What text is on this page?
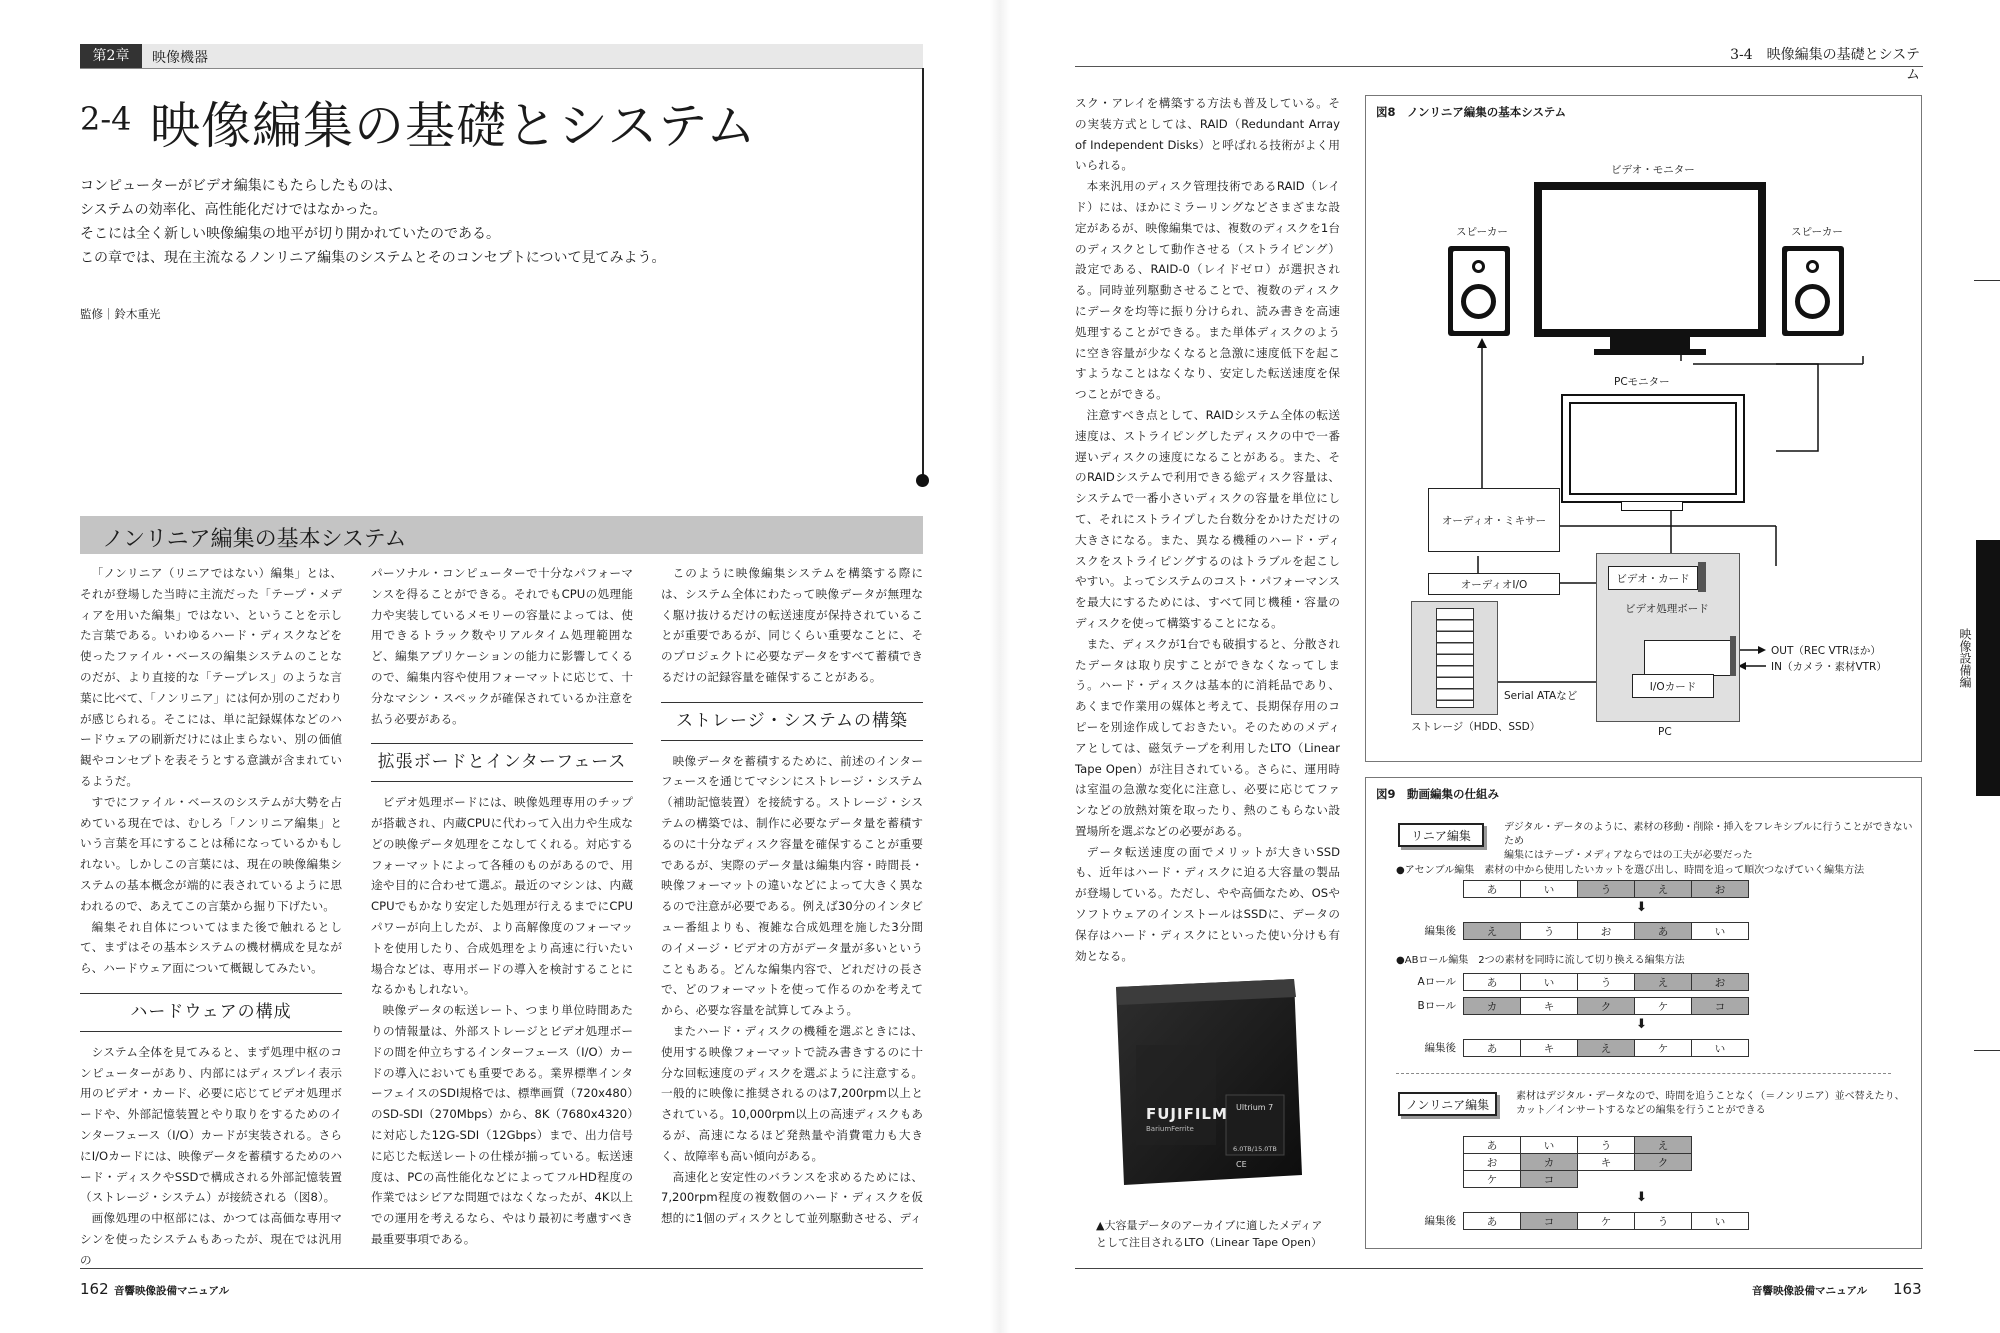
第2章	映像機器
2-4 映像編集の基礎とシステム
コンピューターがビデオ編集にもたらしたものは、
システムの効率化、高性能化だけではなかった。
そこには全く新しい映像編集の地平が切り開かれていたのである。
この章では、現在主流なるノンリニア編集のシステムとそのコンセプトについて見てみよう。
監修｜鈴木重光
ノンリニア編集の基本システム

「ノンリニア（リニアではない）編集」とは、それが登場した当時に主流だった「テープ・メディアを用いた編集」ではない、ということを示した言葉である。いわゆるハード・ディスクなどを使ったファイル・ベースの編集システムのことなのだが、より直接的な「テープレス」のような言葉に比べて、「ノンリニア」には何か別のこだわりが感じられる。そこには、単に記録媒体などのハードウェアの刷新だけには止まらない、別の価値観やコンセプトを表そうとする意識が含まれているようだ。

すでにファイル・ベースのシステムが大勢を占めている現在では、むしろ「ノンリニア編集」という言葉を耳にすることは稀になっているかもしれない。しかしこの言葉には、現在の映像編集システムの基本概念が端的に表されているように思われるので、あえてこの言葉から掘り下げたい。

編集それ自体についてはまた後で触れるとして、まずはその基本システムの機材構成を見ながら、ハードウェア面について概観してみたい。

ハードウェアの構成

システム全体を見てみると、まず処理中枢のコンピューターがあり、内部にはディスプレイ表示用のビデオ・カード、必要に応じてビデオ処理ボードや、外部記憶装置とやり取りをするためのインターフェース（I/O）カードが実装される。さらにI/Oカードには、映像データを蓄積するためのハード・ディスクやSSDで構成される外部記憶装置（ストレージ・システム）が接続される（図8）。

画像処理の中枢部には、かつては高価な専用マシンを使ったシステムもあったが、現在では汎用の

パーソナル・コンピューターで十分なパフォーマンスを得ることができる。それでもCPUの処理能力や実装しているメモリーの容量によっては、使用できるトラック数やリアルタイム処理範囲など、編集アプリケーションの能力に影響してくるので、編集内容や使用フォーマットに応じて、十分なマシン・スペックが確保されているか注意を払う必要がある。

拡張ボードとインターフェース

ビデオ処理ボードには、映像処理専用のチップが搭載され、内蔵CPUに代わって入出力や生成などの映像データ処理をこなしてくれる。対応するフォーマットによって各種のものがあるので、用途や目的に合わせて選ぶ。最近のマシンは、内蔵CPUでもかなり安定した処理が行えるまでにCPUパワーが向上したが、より高解像度のフォーマットを使用したり、合成処理をより高速に行いたい場合などは、専用ボードの導入を検討することになるかもしれない。

映像データの転送レート、つまり単位時間あたりの情報量は、外部ストレージとビデオ処理ボードの間を仲立ちするインターフェース（I/O）カードの導入においても重要である。業界標準インターフェイスのSDI規格では、標準画質（720x480）のSD-SDI（270Mbps）から、8K（7680x4320）に対応した12G-SDI（12Gbps）まで、出力信号に応じた転送レートの仕様が揃っている。転送速度は、PCの高性能化などによってフルHD程度の作業ではシビアな問題ではなくなったが、4K以上での運用を考えるなら、やはり最初に考慮すべき最重要事項である。

このように映像編集システムを構築する際には、システム全体にわたって映像データが無理なく駆け抜けるだけの転送速度が保持されていることが重要であるが、同じくらい重要なことに、そのプロジェクトに必要なデータをすべて蓄積できるだけの記録容量を確保することがある。

ストレージ・システムの構築

映像データを蓄積するために、前述のインターフェースを通じてマシンにストレージ・システム（補助記憶装置）を接続する。ストレージ・システムの構築では、制作に必要なデータ量を蓄積するのに十分なディスク容量を確保することが重要であるが、実際のデータ量は編集内容・時間長・映像フォーマットの違いなどによって大きく異なるので注意が必要である。例えば30分のインタビュー番組よりも、複雑な合成処理を施した3分間のイメージ・ビデオの方がデータ量が多いということもある。どんな編集内容で、どれだけの長さで、どのフォーマットを使って作るのかを考えてから、必要な容量を試算してみよう。

またハード・ディスクの機種を選ぶときには、使用する映像フォーマットで読み書きするのに十分な回転速度のディスクを選ぶように注意する。一般的に映像に推奨されるのは7,200rpm以上とされている。10,000rpm以上の高速ディスクもあるが、高速になるほど発熱量や消費電力も大きく、故障率も高い傾向がある。

高速化と安定性のバランスを求めるためには、7,200rpm程度の複数個のハード・ディスクを仮想的に1個のディスクとして並列駆動させる、ディ

162 音響映像設備マニュアル
3-4　映像編集の基礎とシステム

スク・アレイを構築する方法も普及している。その実装方式としては、RAID（Redundant Array of Independent Disks）と呼ばれる技術がよく用いられる。

本来汎用のディスク管理技術であるRAID（レイド）には、ほかにミラーリングなどさまざまな設定があるが、映像編集では、複数のディスクを1台のディスクとして動作させる（ストライピング）設定である、RAID-0（レイドゼロ）が選択される。同時並列駆動させることで、複数のディスクにデータを均等に振り分けられ、読み書きを高速処理することができる。また単体ディスクのように空き容量が少なくなると急激に速度低下を起こすようなことはなくなり、安定した転送速度を保つことができる。

注意すべき点として、RAIDシステム全体の転送速度は、ストライピングしたディスクの中で一番遅いディスクの速度になることがある。また、そのRAIDシステムで利用できる総ディスク容量は、システムで一番小さいディスクの容量を単位にして、それにストライプした台数分をかけただけの大きさになる。また、異なる機種のハード・ディスクをストライピングするのはトラブルを起こしやすい。よってシステムのコスト・パフォーマンスを最大にするためには、すべて同じ機種・容量のディスクを使って構築することになる。

また、ディスクが1台でも破損すると、分散されたデータは取り戻すことができなくなってしまう。ハード・ディスクは基本的に消耗品であり、あくまで作業用の媒体と考えて、長期保存用のコピーを別途作成しておきたい。そのためのメディアとしては、磁気テープを利用したLTO（Linear Tape Open）が注目されている。さらに、運用時は室温の急激な変化に注意し、必要に応じてファンなどの放熱対策を取ったり、熱のこもらない設置場所を選ぶなどの必要がある。

データ転送速度の面でメリットが大きいSSDも、近年はハード・ディスクに迫る大容量の製品が登場している。ただし、やや高価なため、OSやソフトウェアのインストールはSSDに、データの保存はハード・ディスクにといった使い分けも有効となる。

FUJIFILM
BariumFerrite
Ultrium 7
6.0TB/15.0TB
CE
▲大容量データのアーカイブに適したメディア
として注目されるLTO（Linear Tape Open）
図8　ノンリニア編集の基本システム
ビデオ・モニター
スピーカー	スピーカー
PCモニター
オーディオ・ミキサー
オーディオI/O	ビデオ・カード
ビデオ処理ボード
I/Oカード
PC
OUT（REC VTRほか）
IN（カメラ・素材VTR）
Serial ATAなど
ストレージ（HDD、SSD）
図9　動画編集の仕組み
リニア編集
デジタル・データのように、素材の移動・削除・挿入をフレキシブルに行うことができないため
編集にはテープ・メディアならではの工夫が必要だった
●アセンブル編集　素材の中から使用したいカットを選び出し、時間を追って順次つなげていく編集方法
あ	い	う	え	お
⬇
編集後	え	う	お	あ	い
●ABロール編集　2つの素材を同時に流して切り換える編集方法
Aロール	あ	い	う	え	お
Bロール	カ	キ	ク	ケ	コ
⬇
編集後	あ	キ	え	ケ	い
ノンリニア編集
素材はデジタル・データなので、時間を追うことなく（＝ノンリニア）並べ替えたり、
カット／インサートするなどの編集を行うことができる
あ	い	う	え
お	カ	キ	ク
ケ	コ
⬇
編集後	あ	コ	ケ	う	い
映像設備編
音響映像設備マニュアル 163
